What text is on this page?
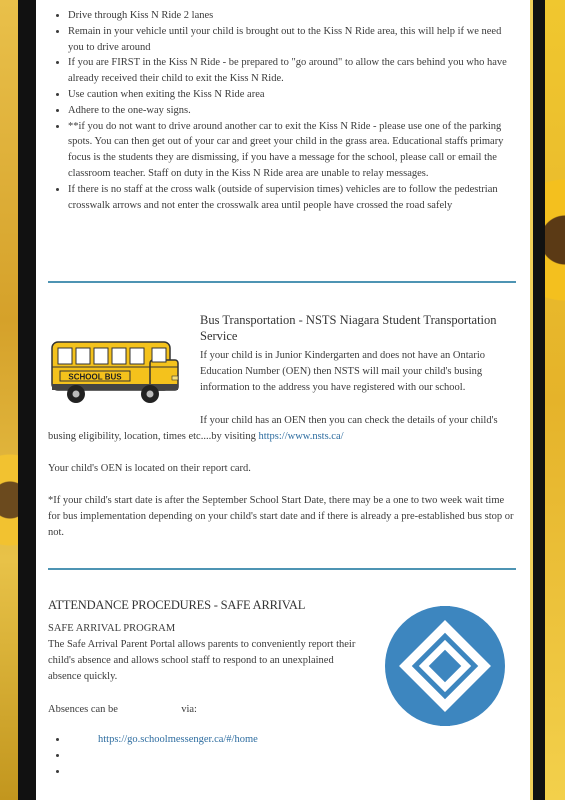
• Drive through Kiss N Ride 2 lanes
• Remain in your vehicle until your child is brought out to the Kiss N Ride area, this will help if we need you to drive around
• If you are FIRST in the Kiss N Ride - be prepared to "go around" to allow the cars behind you who have already received their child to exit the Kiss N Ride.
• Use caution when exiting the Kiss N Ride area
• Adhere to the one-way signs.
• **if you do not want to drive around another car to exit the Kiss N Ride - please use one of the parking spots. You can then get out of your car and greet your child in the grass area. Educational staffs primary focus is the students they are dismissing, if you have a message for the school, please call or email the classroom teacher. Staff on duty in the Kiss N Ride area are unable to relay messages.
• If there is no staff at the cross walk (outside of supervision times) vehicles are to follow the pedestrian crosswalk arrows and not enter the crosswalk area until people have crossed the road safely
SCHOOL BUS
Bus Transportation - NSTS Niagara Student Transportation Service
If your child is in Junior Kindergarten and does not have an Ontario Education Number (OEN) then NSTS will mail your child's busing information to the address you have registered with our school.
If your child has an OEN then you can check the details of your child's busing eligibility, location, times etc....by visiting https://www.nsts.ca/
Your child's OEN is located on their report card.
*If your child's start date is after the September School Start Date, there may be a one to two week wait time for bus implementation depending on your child's start date and if there is already a pre-established bus stop or not.
ATTENDANCE PROCEDURES - SAFE ARRIVAL
SAFE ARRIVAL PROGRAM
The Safe Arrival Parent Portal allows parents to conveniently report their child's absence and allows school staff to respond to an unexplained absence quickly.
Absences can be	via:
• https://go.schoolmessenger.ca/#/home
•
•
